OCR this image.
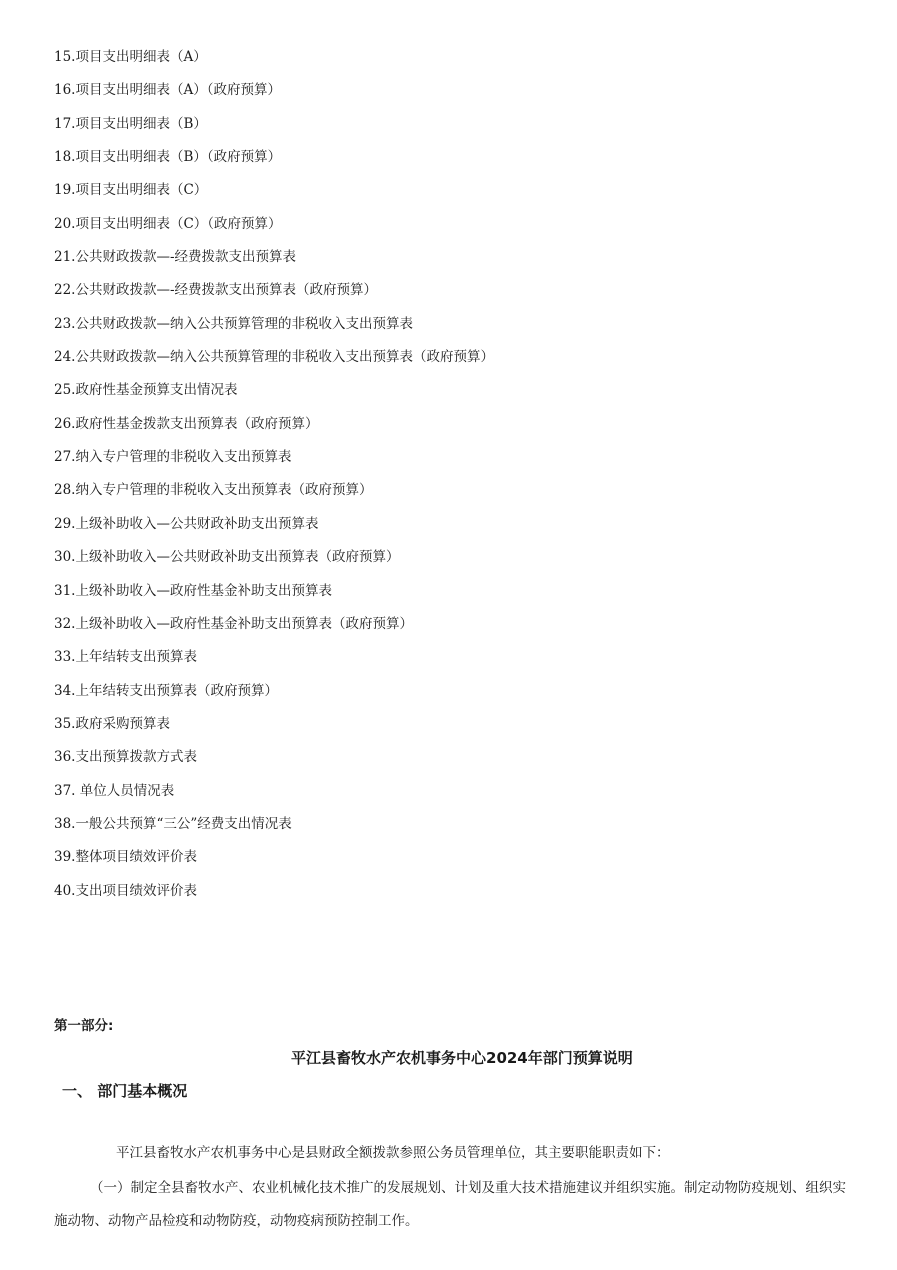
15.项目支出明细表（A）
16.项目支出明细表（A）（政府预算）
17.项目支出明细表（B）
18.项目支出明细表（B）（政府预算）
19.项目支出明细表（C）
20.项目支出明细表（C）（政府预算）
21.公共财政拨款—-经费拨款支出预算表
22.公共财政拨款—-经费拨款支出预算表（政府预算）
23.公共财政拨款—纳入公共预算管理的非税收入支出预算表
24.公共财政拨款—纳入公共预算管理的非税收入支出预算表（政府预算）
25.政府性基金预算支出情况表
26.政府性基金拨款支出预算表（政府预算）
27.纳入专户管理的非税收入支出预算表
28.纳入专户管理的非税收入支出预算表（政府预算）
29.上级补助收入—公共财政补助支出预算表
30.上级补助收入—公共财政补助支出预算表（政府预算）
31.上级补助收入—政府性基金补助支出预算表
32.上级补助收入—政府性基金补助支出预算表（政府预算）
33.上年结转支出预算表
34.上年结转支出预算表（政府预算）
35.政府采购预算表
36.支出预算拨款方式表
37. 单位人员情况表
38.一般公共预算“三公”经费支出情况表
39.整体项目绩效评价表
40.支出项目绩效评价表
第一部分:
平江县畜牧水产农机事务中心2024年部门预算说明
一、 部门基本概况

平江县畜牧水产农机事务中心是县财政全额拨款参照公务员管理单位，其主要职能职责如下：

（一）制定全县畜牧水产、农业机械化技术推广的发展规划、计划及重大技术措施建议并组织实施。制定动物防疫规划、组织实施动物、动物产品检疫和动物防疫，动物疫病预防控制工作。
